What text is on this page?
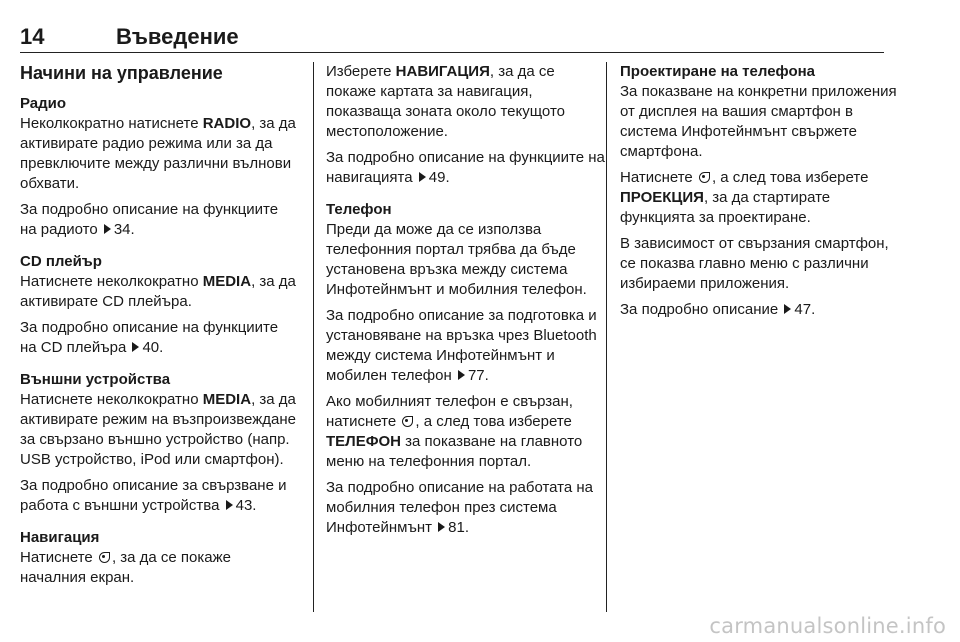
14	Въведение
Начини на управление
Радио

Неколкократно натиснете RADIO, за да активирате радио режима или за да превключите между различни вълнови обхвати.

За подробно описание на функциите на радиото 34.

CD плейър

Натиснете неколкократно MEDIA, за да активирате CD плейъра.

За подробно описание на функциите на CD плейъра 40.

Външни устройства

Натиснете неколкократно MEDIA, за да активирате режим на възпроизвеждане за свързано външно устройство (напр. USB устройство, iPod или смартфон).

За подробно описание за свързване и работа с външни устройства 43.

Навигация

Натиснете , за да се покаже началния екран.

Изберете НАВИГАЦИЯ, за да се покаже картата за навигация, показваща зоната около текущото местоположение.

За подробно описание на функциите на навигацията 49.

Телефон

Преди да може да се използва телефонния портал трябва да бъде установена връзка между система Инфотейнмънт и мобилния телефон.

За подробно описание за подготовка и установяване на връзка чрез Bluetooth между система Инфотейнмънт и мобилен телефон 77.

Ако мобилният телефон е свързан, натиснете , а след това изберете ТЕЛЕФОН за показване на главното меню на телефонния портал.

За подробно описание на работата на мобилния телефон през система Инфотейнмънт 81.

Проектиране на телефона

За показване на конкретни приложения от дисплея на вашия смартфон в система Инфотейнмънт свържете смартфона.

Натиснете , а след това изберете ПРОЕКЦИЯ, за да стартирате функцията за проектиране.

В зависимост от свързания смартфон, се показва главно меню с различни избираеми приложения.

За подробно описание 47.

carmanualsonline.info
